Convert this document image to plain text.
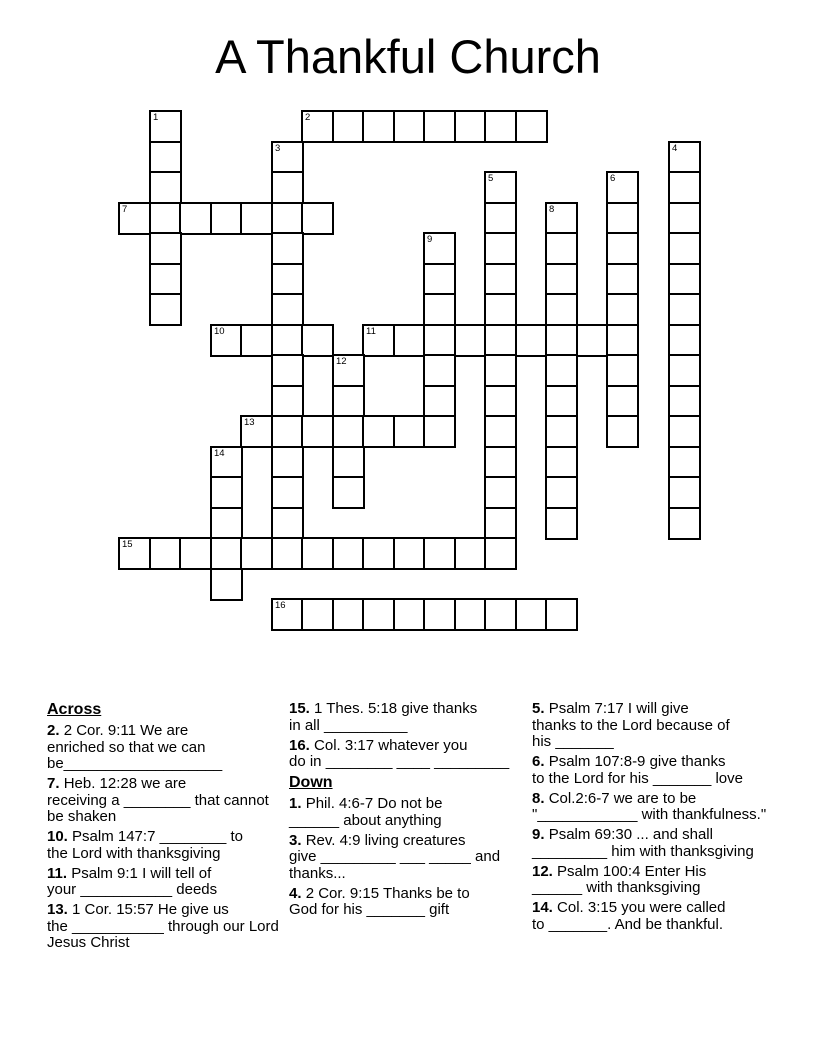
A Thankful Church
1	2
3	4
5	6
7	8
9
10	11
12
13
14
15
16
Across
2. 2 Cor. 9:11 We are
enriched so that we can
be___________________
7. Heb. 12:28 we are
receiving a ________ that cannot
be shaken
10. Psalm 147:7 ________ to
the Lord with thanksgiving
11. Psalm 9:1 I will tell of
your ___________ deeds
13. 1 Cor. 15:57 He give us
the ___________ through our Lord
Jesus Christ
15. 1 Thes. 5:18 give thanks
in all __________
16. Col. 3:17 whatever you
do in ________ ____ _________
Down
1. Phil. 4:6-7 Do not be
______ about anything
3. Rev. 4:9 living creatures
give _________ ___ _____ and
thanks...
4. 2 Cor. 9:15 Thanks be to
God for his _______ gift
5. Psalm 7:17 I will give
thanks to the Lord because of
his _______
6. Psalm 107:8-9 give thanks
to the Lord for his _______ love
8. Col.2:6-7 we are to be
"____________ with thankfulness."
9. Psalm 69:30 ... and shall
_________ him with thanksgiving
12. Psalm 100:4 Enter His
______ with thanksgiving
14. Col. 3:15 you were called
to _______. And be thankful.
